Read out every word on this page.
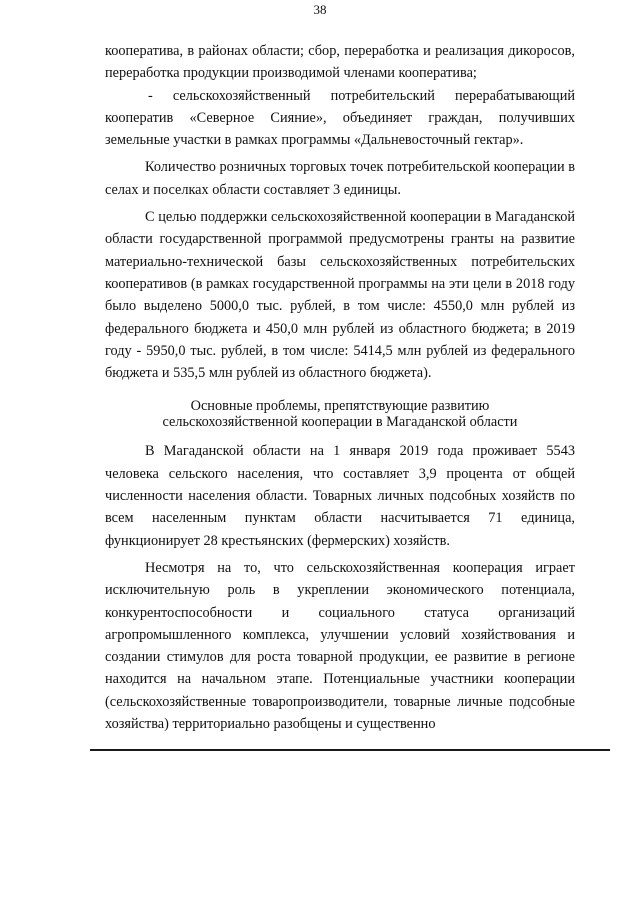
38

кооператива, в районах области; сбор, переработка и реализация дикоросов, переработка продукции производимой членами кооператива;

- сельскохозяйственный потребительский перерабатывающий кооператив «Северное Сияние», объединяет граждан, получивших земельные участки в рамках программы «Дальневосточный гектар».

Количество розничных торговых точек потребительской кооперации в селах и поселках области составляет 3 единицы.

С целью поддержки сельскохозяйственной кооперации в Магаданской области государственной программой предусмотрены гранты на развитие материально-технической базы сельскохозяйственных потребительских кооперативов (в рамках государственной программы на эти цели в 2018 году было выделено 5000,0 тыс. рублей, в том числе: 4550,0 млн рублей из федерального бюджета и 450,0 млн рублей из областного бюджета; в 2019 году - 5950,0 тыс. рублей, в том числе: 5414,5 млн рублей из федерального бюджета и 535,5 млн рублей из областного бюджета).

Основные проблемы, препятствующие развитию
сельскохозяйственной кооперации в Магаданской области

В Магаданской области на 1 января 2019 года проживает 5543 человека сельского населения, что составляет 3,9 процента от общей численности населения области. Товарных личных подсобных хозяйств по всем населенным пунктам области насчитывается 71 единица, функционирует 28 крестьянских (фермерских) хозяйств.

Несмотря на то, что сельскохозяйственная кооперация играет исключительную роль в укреплении экономического потенциала, конкурентоспособности и социального статуса организаций агропромышленного комплекса, улучшении условий хозяйствования и создании стимулов для роста товарной продукции, ее развитие в регионе находится на начальном этапе. Потенциальные участники кооперации (сельскохозяйственные товаропроизводители, товарные личные подсобные хозяйства) территориально разобщены и существенно
